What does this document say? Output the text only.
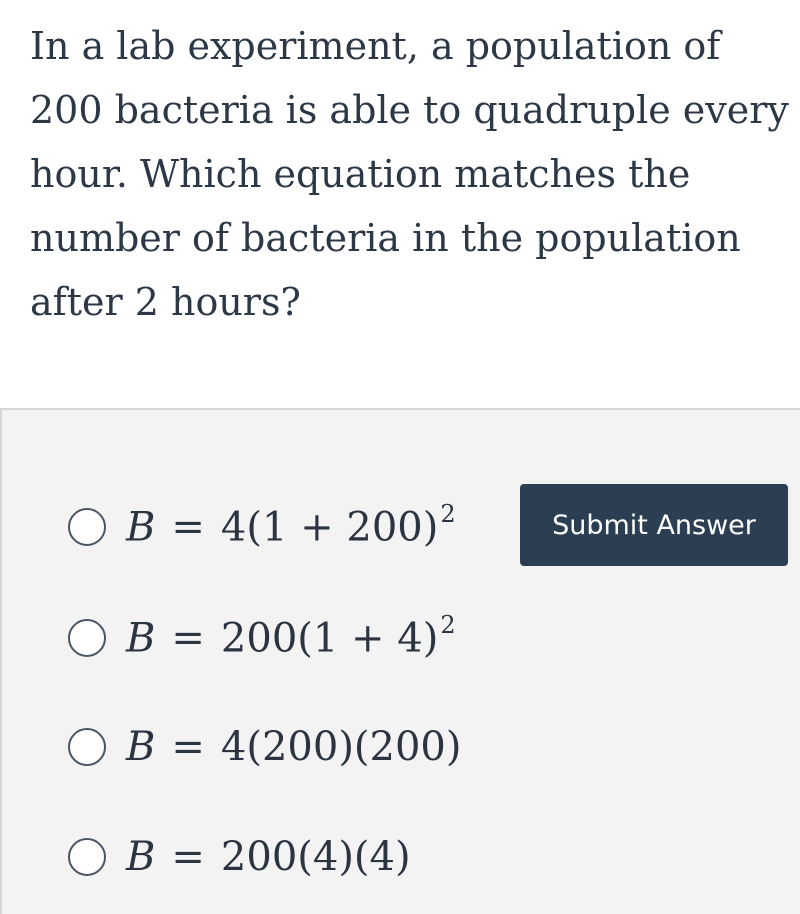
In a lab experiment, a population of 200 bacteria is able to quadruple every hour. Which equation matches the number of bacteria in the population after 2 hours?

$B = 4(1 + 200)^2$
$B = 200(1 + 4)^2$
B = 4(200)(200)
B = 200(4)(4)
Submit Answer
